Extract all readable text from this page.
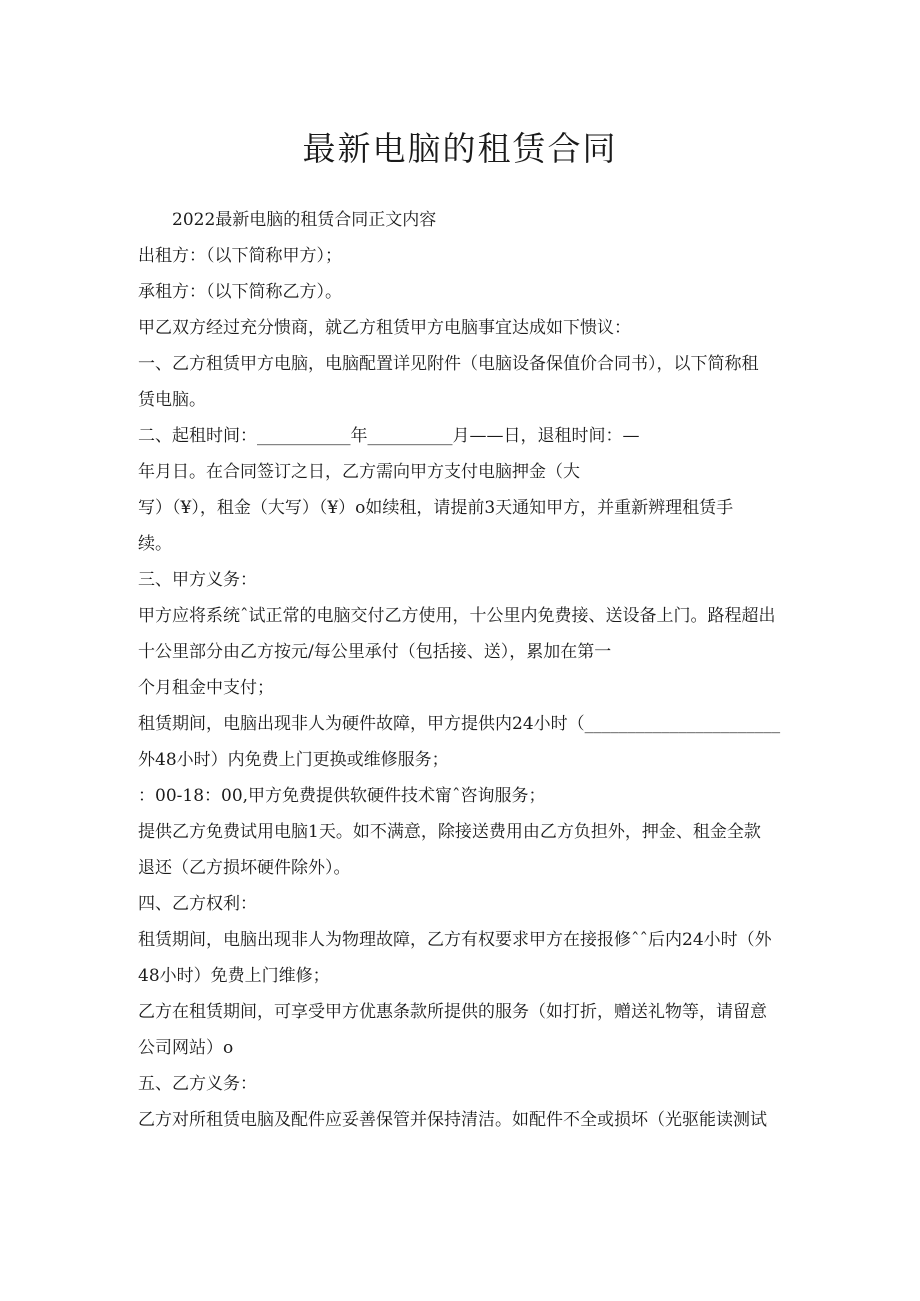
最新电脑的租赁合同
2022最新电脑的租赁合同正文内容
出租方：（以下简称甲方）；
承租方：（以下简称乙方）。
甲乙双方经过充分愦商，就乙方租赁甲方电脑事宜达成如下愦议：
一、乙方租赁甲方电脑，电脑配置详见附件（电脑设备保值价合同书），以下简称租
赁电脑。
二、起租时间：___________年__________月——日，退租时间：—
年月日。在合同签订之日，乙方需向甲方支付电脑押金（大
写）（¥），租金（大写）（¥）o如续租，请提前3天通知甲方，并重新辨理租赁手
续。
三、甲方义务：
甲方应将系统ˆ试正常的电脑交付乙方使用，十公里内免费接、送设备上门。路程超出
十公里部分由乙方按元/每公里承付（包括接、送），累加在第一
个月租金中支付；
租赁期间，电脑出现非人为硬件故障，甲方提供内24小时（_______________________
外48小时）内免费上门更换或维修服务；
：00-18：00,甲方免费提供软硬件技术甯ˆ咨询服务；
提供乙方免费试用电脑1天。如不满意，除接送费用由乙方负担外，押金、租金全款
退还（乙方损坏硬件除外）。
四、乙方权利：
租赁期间，电脑出现非人为物理故障，乙方有权要求甲方在接报修ˆˆ后内24小时（外
48小时）免费上门维修；
乙方在租赁期间，可享受甲方优惠条款所提供的服务（如打折，赠送礼物等，请留意
公司网站）o
五、乙方义务：
乙方对所租赁电脑及配件应妥善保管并保持清洁。如配件不全或损坏（光驱能读测试
